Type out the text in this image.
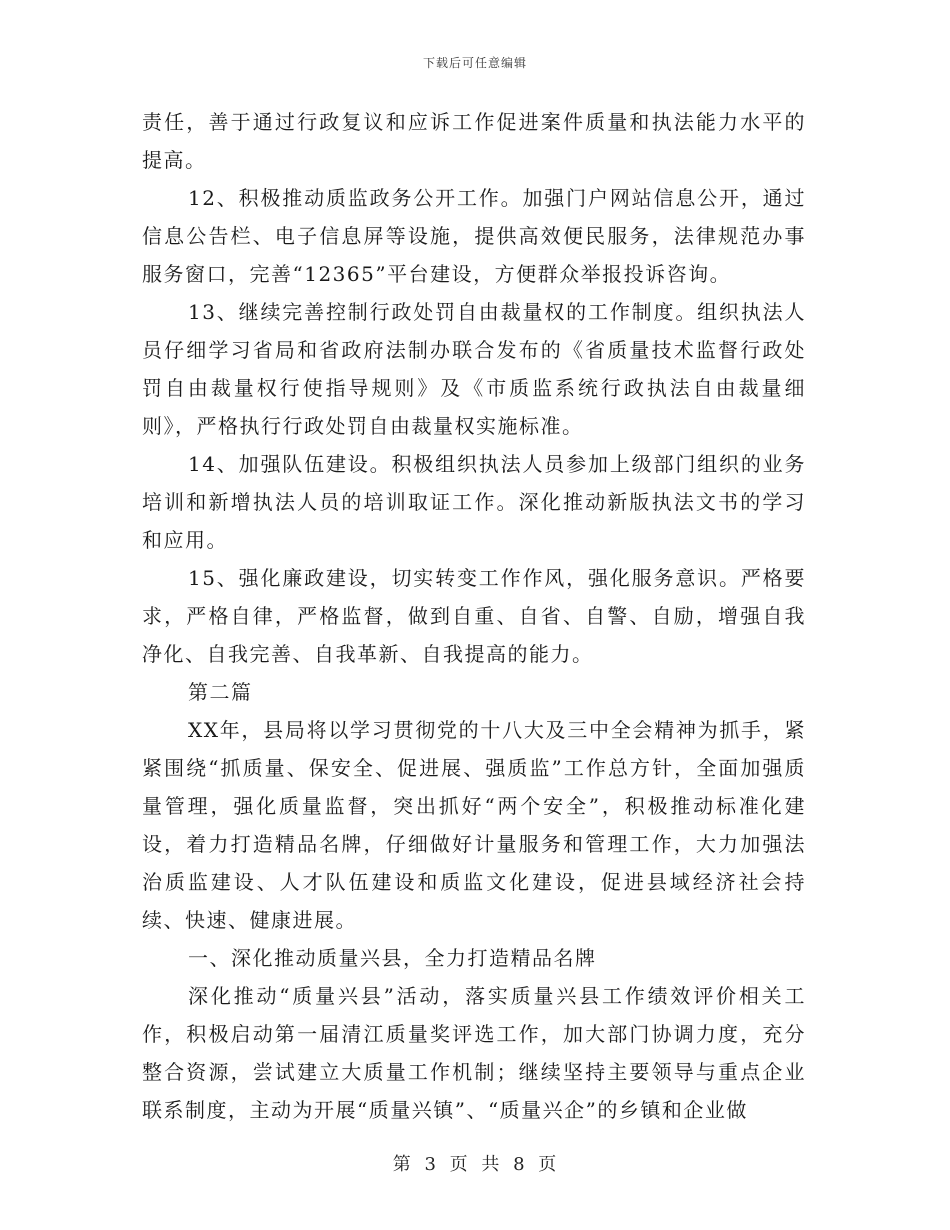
下载后可任意编辑

责任，善于通过行政复议和应诉工作促进案件质量和执法能力水平的提高。

12、积极推动质监政务公开工作。加强门户网站信息公开，通过信息公告栏、电子信息屏等设施，提供高效便民服务，法律规范办事服务窗口，完善“12365”平台建设，方便群众举报投诉咨询。

13、继续完善控制行政处罚自由裁量权的工作制度。组织执法人员仔细学习省局和省政府法制办联合发布的《省质量技术监督行政处罚自由裁量权行使指导规则》及《市质监系统行政执法自由裁量细则》，严格执行行政处罚自由裁量权实施标准。

14、加强队伍建设。积极组织执法人员参加上级部门组织的业务培训和新增执法人员的培训取证工作。深化推动新版执法文书的学习和应用。

15、强化廉政建设，切实转变工作作风，强化服务意识。严格要求，严格自律，严格监督，做到自重、自省、自警、自励，增强自我净化、自我完善、自我革新、自我提高的能力。

第二篇

XX年，县局将以学习贯彻党的十八大及三中全会精神为抓手，紧紧围绕“抓质量、保安全、促进展、强质监”工作总方针，全面加强质量管理，强化质量监督，突出抓好“两个安全”，积极推动标准化建设，着力打造精品名牌，仔细做好计量服务和管理工作，大力加强法治质监建设、人才队伍建设和质监文化建设，促进县域经济社会持续、快速、健康进展。

一、深化推动质量兴县，全力打造精品名牌

深化推动“质量兴县”活动，落实质量兴县工作绩效评价相关工作，积极启动第一届清江质量奖评选工作，加大部门协调力度，充分整合资源，尝试建立大质量工作机制；继续坚持主要领导与重点企业联系制度，主动为开展“质量兴镇”、“质量兴企”的乡镇和企业做

第 3 页 共 8 页
